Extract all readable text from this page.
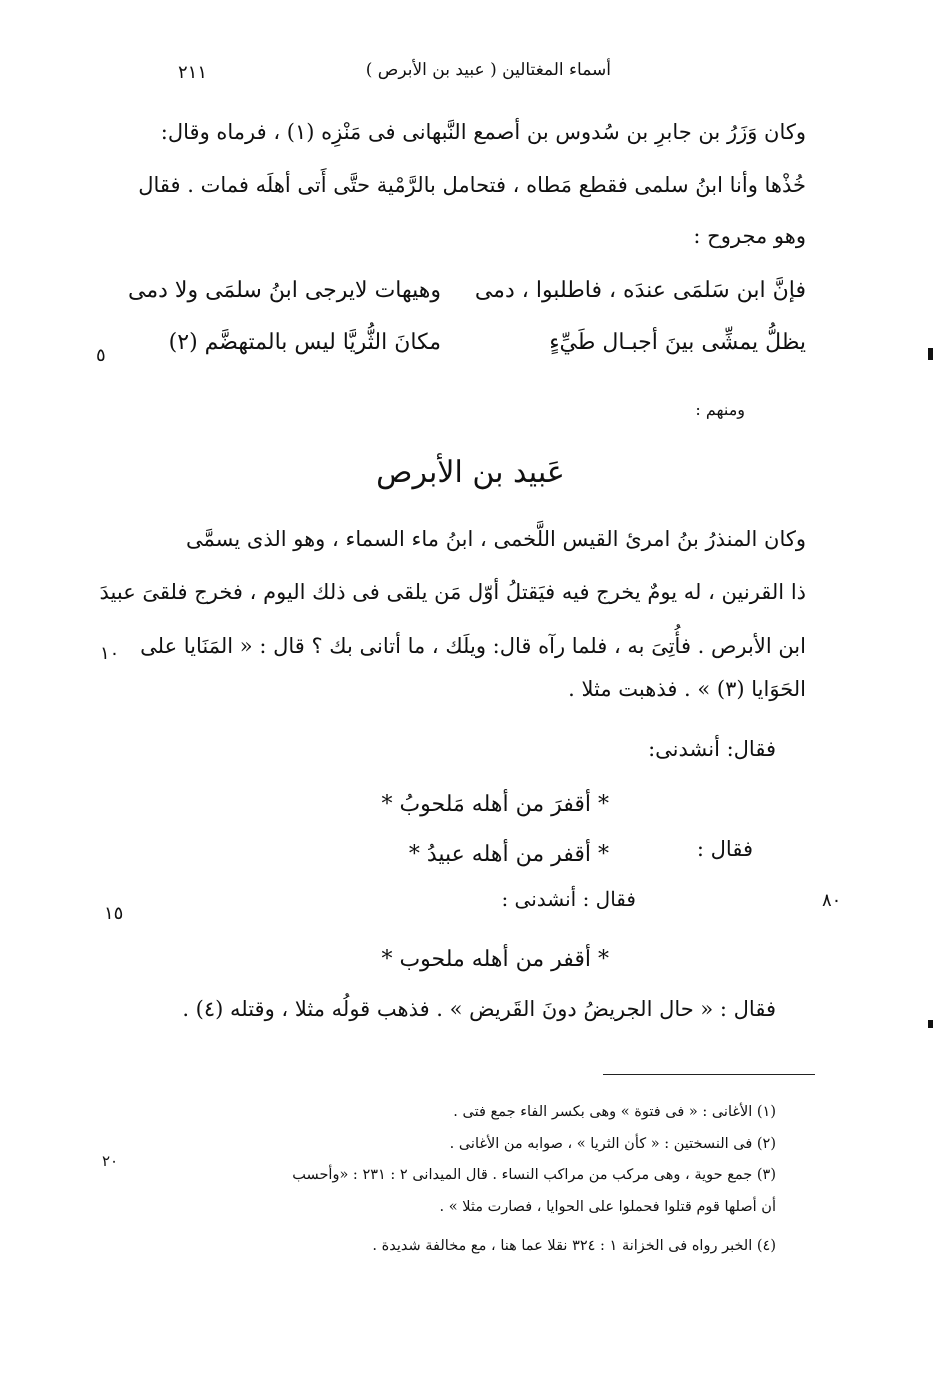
أسماء المغتالين ( عبيد بن الأبرص )
٢١١
وكان وَزَرُ بن جابرِ بن سُدوس بن أصمع النَّبهانى فى مَنْزِه (١) ، فرماه وقال:
خُذْها وأنا ابنُ سلمى فقطع مَطاه ، فتحامل بالرَّمْية حتَّى أَتى أهلَه فمات . فقال
وهو مجروح :
فإنَّ ابن سَلمَى عندَه ، فاطلبوا ، دمى
وهيهات لايرجى ابنُ سلمَى ولا دمى
يظلُّ يمشِّى بينَ أجبـال طَيِّءٍ
مكانَ الثُّريَّا ليس بالمتهضَّم (٢)
٥
ومنهم :
عَبيد بن الأبرص
وكان المنذرُ بنُ امرئ القيس اللَّخمى ، ابنُ ماء السماء ، وهو الذى يسمَّى
ذا القرنين ، له يومٌ يخرج فيه فيَقتلُ أوّل مَن يلقى فى ذلك اليوم ، فخرج فلقىَ عبيدَ
ابن الأبرص . فأُتِىَ به ، فلما رآه قال: ويلَك ، ما أتانى بك ؟ قال : « المَنَايا على
١٠
الحَوَايا (٣) » . فذهبت مثلا .
فقال: أنشدنى:
* أقفرَ من أهله مَلحوبُ *
فقال :
* أقفر من أهله عبيدُ *
فقال : أنشدنى :	٨٠
١٥
* أقفر من أهله ملحوب *
فقال : « حال الجريضُ دونَ القَريض » . فذهب قولُه مثلا ، وقتله (٤) .
(١) الأغانى : « فى فتوة » وهى بكسر الفاء جمع فتى .
(٢) فى النسختين : « كأن الثريا » ، صوابه من الأغانى .
٢٠
(٣) جمع حوية ، وهى مركب من مراكب النساء . قال الميدانى ٢ : ٢٣١ : «وأحسب
أن أصلها قوم قتلوا فحملوا على الحوايا ، فصارت مثلا » .
(٤) الخبر رواه فى الخزانة ١ : ٣٢٤ نقلا عما هنا ، مع مخالفة شديدة .
